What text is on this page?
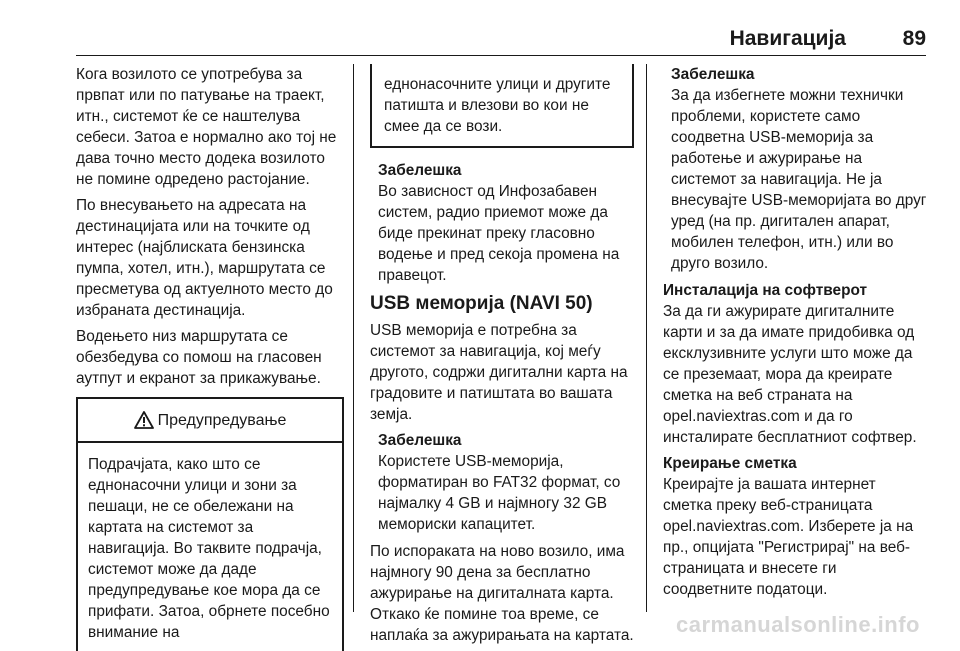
Навигација	89

Кога возилото се употребува за првпат или по патување на траект, итн., системот ќе се наштелува себеси. Затоа е нормално ако тој не дава точно место додека возилото не помине одредено растојание.

По внесувањето на адресата на дестинацијата или на точките од интерес (најблиската бензинска пумпа, хотел, итн.), маршрутата се пресметува од актуелното место до избраната дестинација.

Водењето низ маршрутата се обезбедува со помош на гласовен аутпут и екранот за прикажување.

Предупредување
Подрачјата, како што се еднонасочни улици и зони за пешаци, не се обележани на картата на системот за навигација. Во таквите подрачја, системот може да даде предупредување кое мора да се прифати. Затоа, обрнете посебно внимание на
еднонасочните улици и другите патишта и влезови во кои не смее да се вози.

Забелешка

Во зависност од Инфозабавен систем, радио приемот може да биде прекинат преку гласовно водење и пред секоја промена на правецот.

USB меморија (NAVI 50)

USB меморија е потребна за системот за навигација, кој меѓу другото, содржи дигитални карта на градовите и патиштата во вашата земја.

Забелешка

Користете USB-меморија, форматиран во FAT32 формат, со најмалку 4 GB и најмногу 32 GB мемориски капацитет.

По испораката на ново возило, има најмногу 90 дена за бесплатно ажурирање на дигиталната карта. Откако ќе помине тоа време, се наплаќа за ажурирањата на картата.

Забелешка

За да избегнете можни технички проблеми, користете само соодветна USB-меморија за работење и ажурирање на системот за навигација. Не ја внесувајте USB-меморијата во друг уред (на пр. дигитален апарат, мобилен телефон, итн.) или во друго возило.

Инсталација на софтверот

За да ги ажурирате дигиталните карти и за да имате придобивка од ексклузивните услуги што може да се преземаат, мора да креирате сметка на веб страната на opel.naviextras.com и да го инсталирате бесплатниот софтвер.

Креирање сметка

Креирајте ја вашата интернет сметка преку веб-страницата opel.naviextras.com. Изберете ја на пр., опцијата "Регистрирај" на веб-страницата и внесете ги соодветните податоци.

carmanualsonline.info
